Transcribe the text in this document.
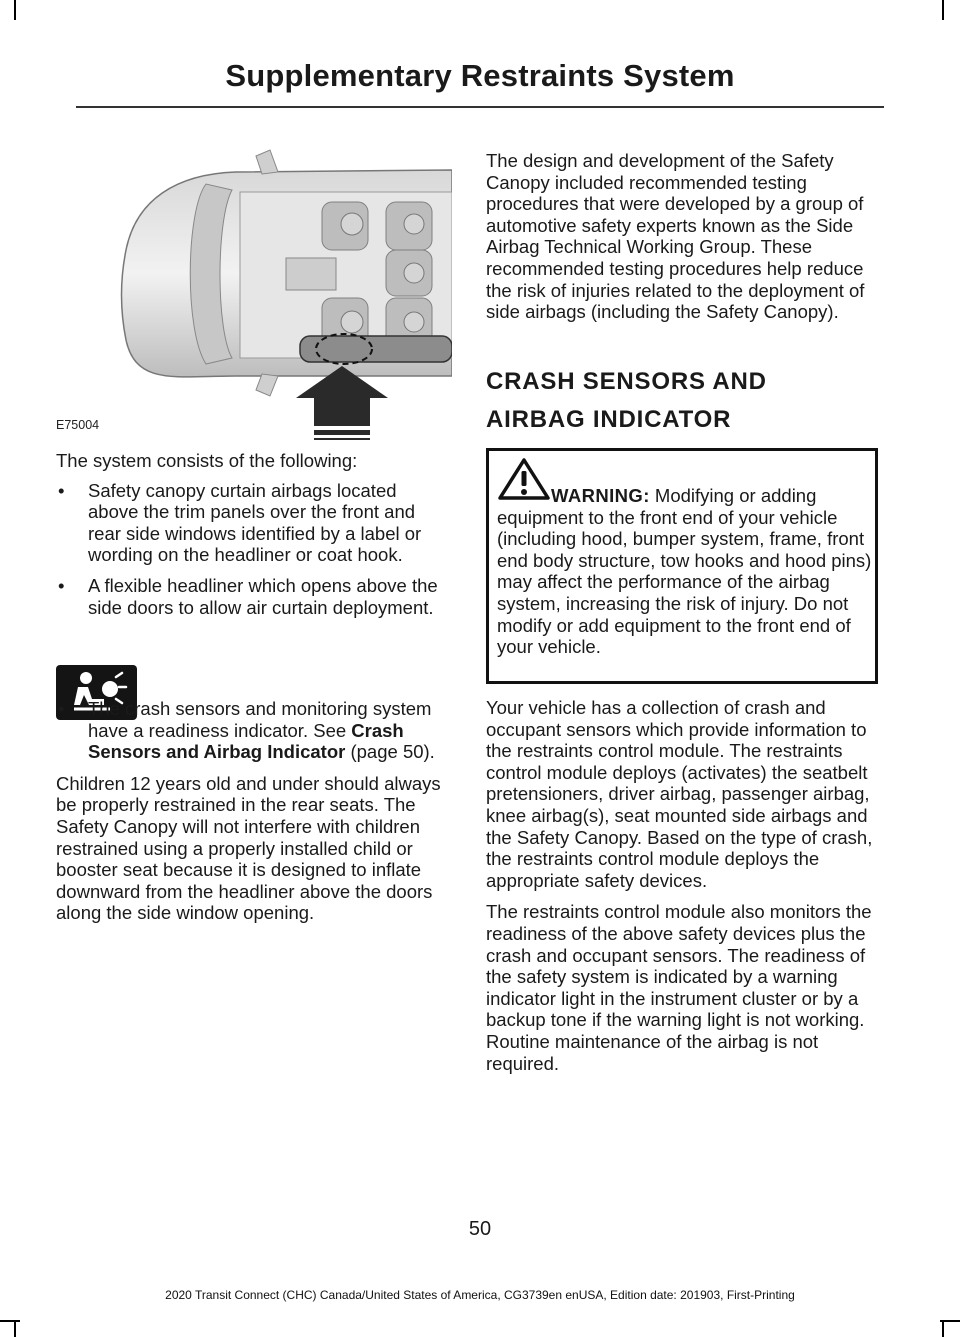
Supplementary Restraints System
E75004

The system consists of the following:

• Safety canopy curtain airbags located above the trim panels over the front and rear side windows identified by a label or wording on the headliner or coat hook.
• A flexible headliner which opens above the side doors to allow air curtain deployment.
• The crash sensors and monitoring system have a readiness indicator. See Crash Sensors and Airbag Indicator (page 50).

Children 12 years old and under should always be properly restrained in the rear seats. The Safety Canopy will not interfere with children restrained using a properly installed child or booster seat because it is designed to inflate downward from the headliner above the doors along the side window opening.

The design and development of the Safety Canopy included recommended testing procedures that were developed by a group of automotive safety experts known as the Side Airbag Technical Working Group. These recommended testing procedures help reduce the risk of injuries related to the deployment of side airbags (including the Safety Canopy).
CRASH SENSORS AND
AIRBAG INDICATOR
WARNING: Modifying or adding equipment to the front end of your vehicle (including hood, bumper system, frame, front end body structure, tow hooks and hood pins) may affect the performance of the airbag system, increasing the risk of injury. Do not modify or add equipment to the front end of your vehicle.

Your vehicle has a collection of crash and occupant sensors which provide information to the restraints control module. The restraints control module deploys (activates) the seatbelt pretensioners, driver airbag, passenger airbag, knee airbag(s), seat mounted side airbags and the Safety Canopy. Based on the type of crash, the restraints control module deploys the appropriate safety devices.

The restraints control module also monitors the readiness of the above safety devices plus the crash and occupant sensors. The readiness of the safety system is indicated by a warning indicator light in the instrument cluster or by a backup tone if the warning light is not working. Routine maintenance of the airbag is not required.

50
2020 Transit Connect (CHC) Canada/United States of America, CG3739en enUSA, Edition date: 201903, First-Printing
